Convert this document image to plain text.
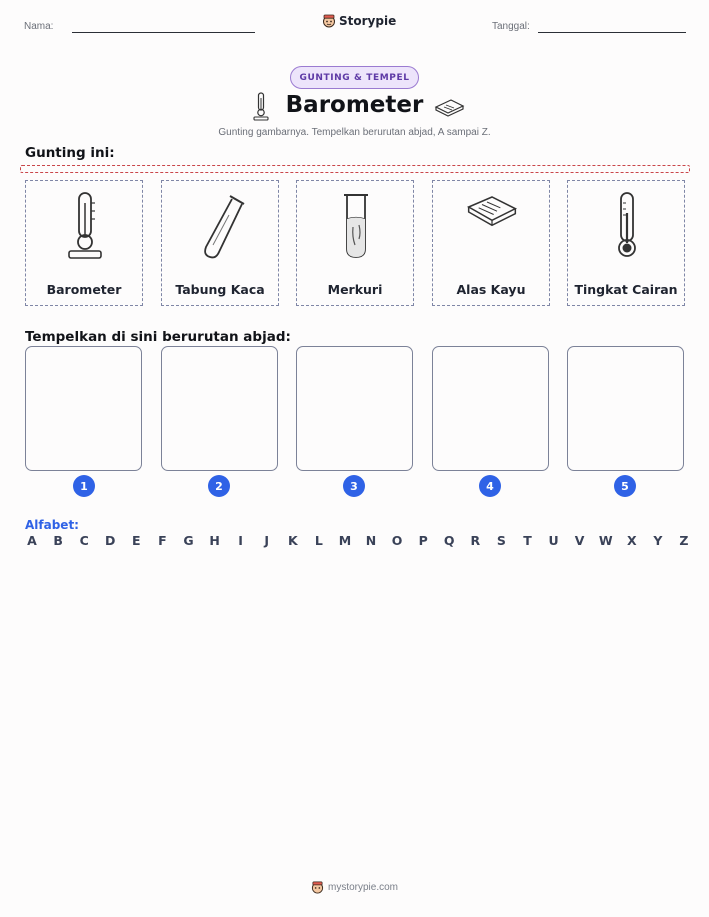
Nama:	Storypie	Tanggal:
GUNTING & TEMPEL
Barometer
Gunting gambarnya. Tempelkan berurutan abjad, A sampai Z.
Gunting ini:
Barometer	Tabung Kaca	Merkuri	Alas Kayu	Tingkat Cairan
Tempelkan di sini berurutan abjad:
1	2	3	4	5
Alfabet:
A B C D E F G H	I	J	K	L	M N O P Q R S T U V W X Y Z
mystorypie.com
